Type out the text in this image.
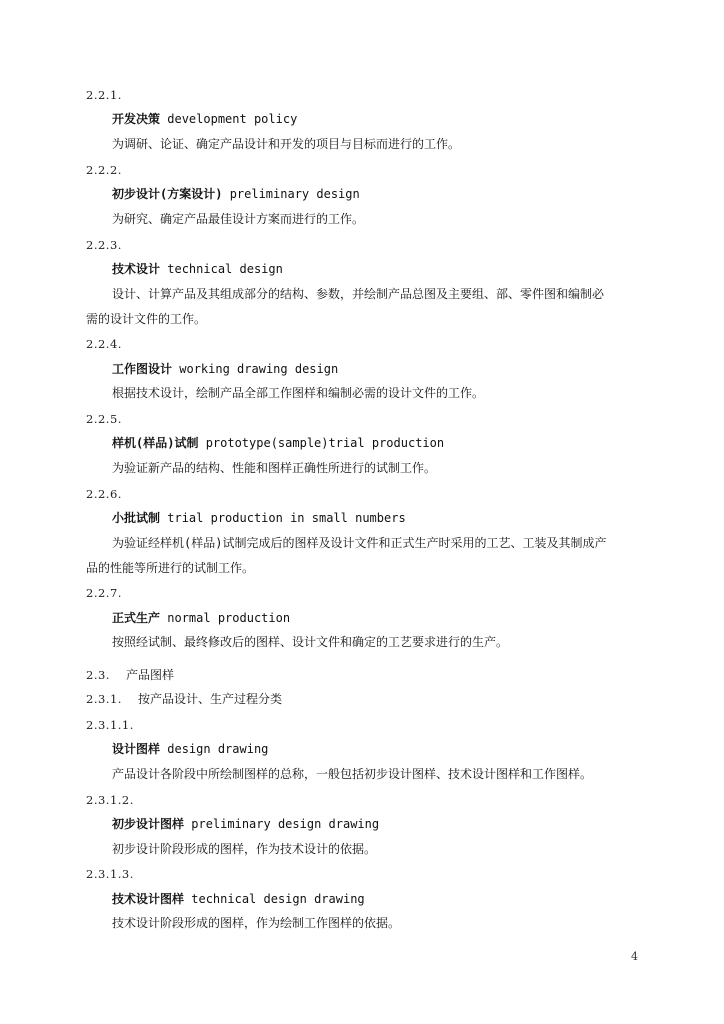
2.2.1.
开发决策 development policy
为调研、论证、确定产品设计和开发的项目与目标而进行的工作。
2.2.2.
初步设计(方案设计) preliminary design
为研究、确定产品最佳设计方案而进行的工作。
2.2.3.
技术设计 technical design
设计、计算产品及其组成部分的结构、参数，并绘制产品总图及主要组、部、零件图和编制必
需的设计文件的工作。
2.2.4.
工作图设计 working drawing design
根据技术设计，绘制产品全部工作图样和编制必需的设计文件的工作。
2.2.5.
样机(样品)试制 prototype(sample)trial production
为验证新产品的结构、性能和图样正确性所进行的试制工作。
2.2.6.
小批试制 trial production in small numbers
为验证经样机(样品)试制完成后的图样及设计文件和正式生产时采用的工艺、工装及其制成产
品的性能等所进行的试制工作。
2.2.7.
正式生产 normal production
按照经试制、最终修改后的图样、设计文件和确定的工艺要求进行的生产。
2.3. 产品图样
2.3.1. 按产品设计、生产过程分类
2.3.1.1.
设计图样 design drawing
产品设计各阶段中所绘制图样的总称，一般包括初步设计图样、技术设计图样和工作图样。
2.3.1.2.
初步设计图样 preliminary design drawing
初步设计阶段形成的图样，作为技术设计的依据。
2.3.1.3.
技术设计图样 technical design drawing
技术设计阶段形成的图样，作为绘制工作图样的依据。
4
